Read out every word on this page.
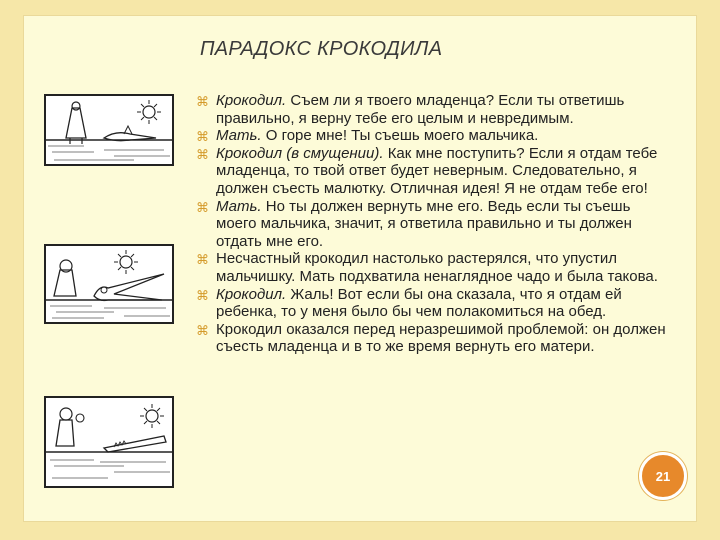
ПАРАДОКС КРОКОДИЛА
⌘ Крокодил. Съем ли я твоего младенца? Если ты ответишь правильно, я верну тебе его целым и невредимым.
⌘ Мать. О горе мне! Ты съешь моего мальчика.
⌘ Крокодил (в смущении). Как мне поступить? Если я отдам тебе младенца, то твой ответ будет неверным. Следовательно, я должен съесть малютку. Отличная идея! Я не отдам тебе его!
⌘ Мать. Но ты должен вернуть мне его. Ведь если ты съешь моего мальчика, значит, я ответила правильно и ты должен отдать мне его.
⌘ Несчастный крокодил настолько растерялся, что упустил мальчишку. Мать подхватила ненаглядное чадо и была такова.
⌘ Крокодил. Жаль! Вот если бы она сказала, что я отдам ей ребенка, то у меня было бы чем полакомиться на обед.
⌘ Крокодил оказался перед неразрешимой проблемой: он должен съесть младенца и в то же время вернуть его матери.
21
